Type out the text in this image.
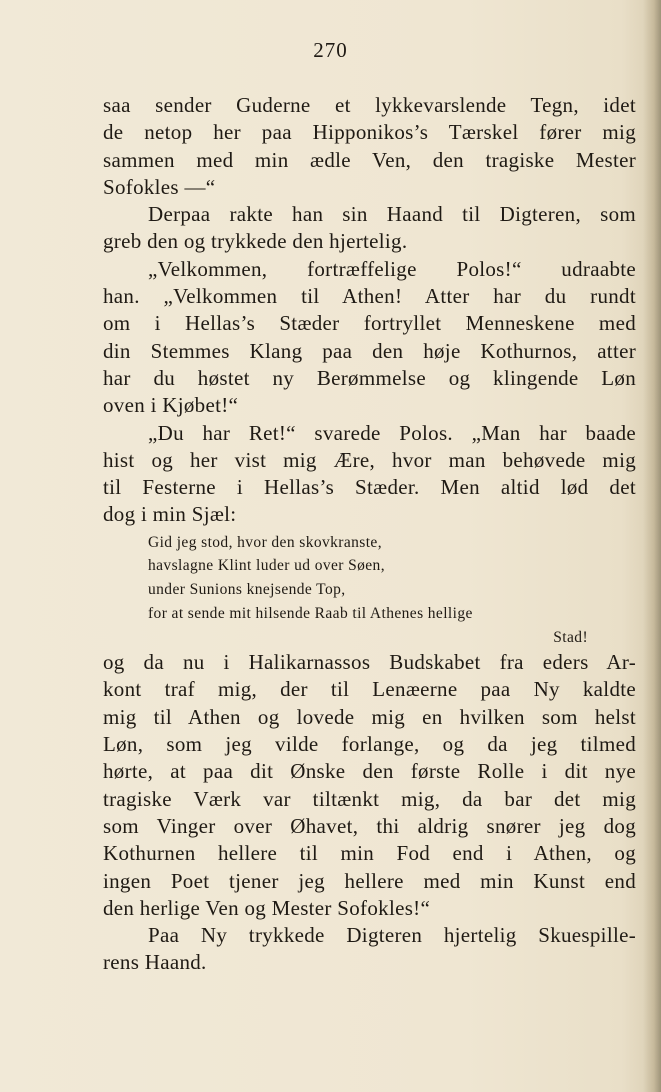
270
saa sender Guderne et lykkevarslende Tegn, idet
de netop her paa Hipponikos’s Tærskel fører mig
sammen med min ædle Ven, den tragiske Mester
Sofokles —“
Derpaa rakte han sin Haand til Digteren, som
greb den og trykkede den hjertelig.
„Velkommen, fortræffelige Polos!“ udraabte
han. „Velkommen til Athen! Atter har du rundt
om i Hellas’s Stæder fortryllet Menneskene med
din Stemmes Klang paa den høje Kothurnos, atter
har du høstet ny Berømmelse og klingende Løn
oven i Kjøbet!“
„Du har Ret!“ svarede Polos. „Man har baade
hist og her vist mig Ære, hvor man behøvede mig
til Festerne i Hellas’s Stæder. Men altid lød det
dog i min Sjæl:
Gid jeg stod, hvor den skovkranste,
havslagne Klint luder ud over Søen,
under Sunions knejsende Top,
for at sende mit hilsende Raab til Athenes hellige
Stad!
og da nu i Halikarnassos Budskabet fra eders Ar-
kont traf mig, der til Lenæerne paa Ny kaldte
mig til Athen og lovede mig en hvilken som helst
Løn, som jeg vilde forlange, og da jeg tilmed
hørte, at paa dit Ønske den første Rolle i dit nye
tragiske Værk var tiltænkt mig, da bar det mig
som Vinger over Øhavet, thi aldrig snører jeg dog
Kothurnen hellere til min Fod end i Athen, og
ingen Poet tjener jeg hellere med min Kunst end
den herlige Ven og Mester Sofokles!“
Paa Ny trykkede Digteren hjertelig Skuespille-
rens Haand.
